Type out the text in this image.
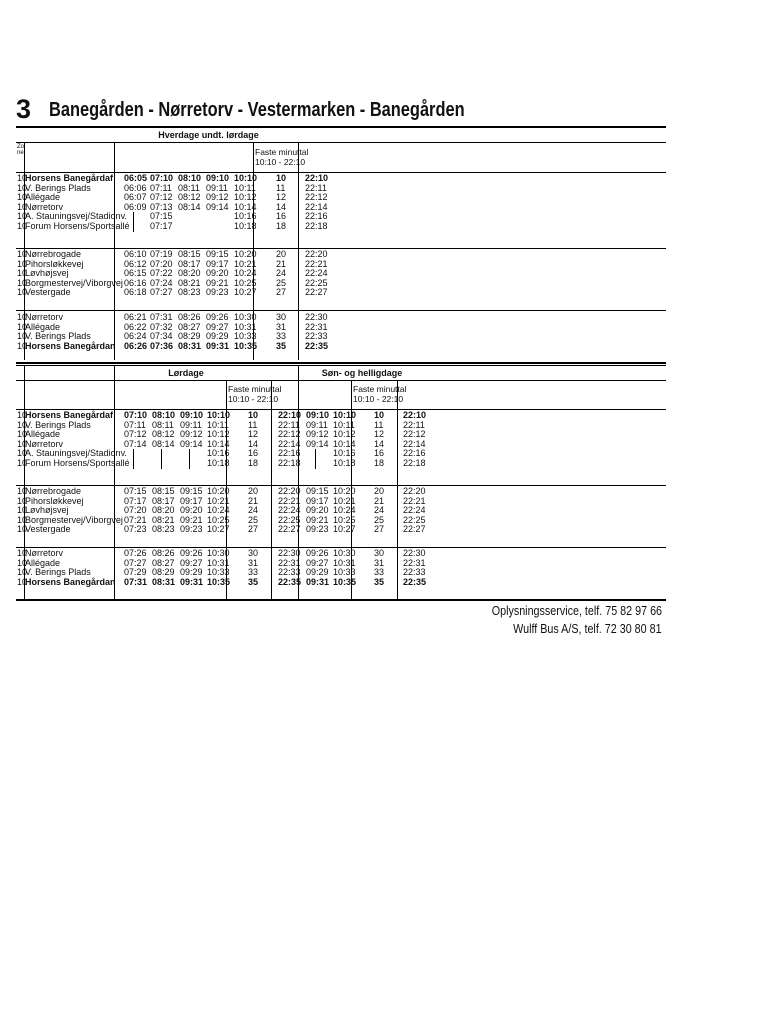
3 Banegården - Nørretorv - Vestermarken - Banegården
Hverdage undt. lørdage
Zone	Faste minuttal
10:10 - 22:10
Lørdage	Søn- og helligdage
Faste minuttal
10:10 - 22:10
Faste minuttal
10:10 - 22:10
10
Horsens Banegård af 06:05 07:10 08:10 09:10 10:10 10 22:10
10
V. Berings Plads	06:06 07:11 08:11 09:11 10:11 11 22:11
10
Allégade	06:07 07:12 08:12 09:12 10:12 12 22:12
10
Nørretorv	06:09 07:13 08:14 09:14 10:14 14 22:14
10
A. Stauningsvej/Stadionv.	07:15	10:16 16 22:16
10
Forum Horsens/Sportsallé 07:17	10:18 18 22:18
10
Nørrebrogade	06:10 07:19 08:15 09:15 10:20 20 22:20
10
Pihorsløkkevej	06:12 07:20 08:17 09:17 10:21 21 22:21
10
Løvhøjsvej	06:15 07:22 08:20 09:20 10:24 24 22:24
10
Borgmestervej/Viborgvej 06:16 07:24 08:21 09:21 10:25 25 22:25
10
Vestergade	06:18 07:27 08:23 09:23 10:27 27 22:27
10
Nørretorv	06:21 07:31 08:26 09:26 10:30 30 22:30
10
Allégade	06:22 07:32 08:27 09:27 10:31 31 22:31
10
V. Berings Plads	06:24 07:34 08:29 09:29 10:33 33 22:33
10
Horsens Banegård an 06:26 07:36 08:31 09:31 10:35 35 22:35
10
Horsens Banegård af 07:10 08:10 09:10 10:10 10 22:10 09:10 10:10 10 22:10
10
V. Berings Plads	07:11 08:11 09:11 10:11 11 22:11 09:11 10:11 11 22:11
10
Allégade	07:12 08:12 09:12 10:12 12 22:12 09:12 10:12 12 22:12
10
Nørretorv	07:14 08:14 09:14 10:14 14 22:14 09:14 10:14 14 22:14
10
A. Stauningsvej/Stadionv.	10:16 16 22:16	10:16 16 22:16
10
Forum Horsens/Sportsallé	10:18 18 22:18	10:18 18 22:18
10
Nørrebrogade	07:15 08:15 09:15 10:20 20 22:20 09:15 10:20 20 22:20
10
Pihorsløkkevej	07:17 08:17 09:17 10:21 21 22:21 09:17 10:21 21 22:21
10
Løvhøjsvej	07:20 08:20 09:20 10:24 24 22:24 09:20 10:24 24 22:24
10
Borgmestervej/Viborgvej 07:21 08:21 09:21 10:25 25 22:25 09:21 10:25 25 22:25
10
Vestergade	07:23 08:23 09:23 10:27 27 22:27 09:23 10:27 27 22:27
10
Nørretorv	07:26 08:26 09:26 10:30 30 22:30 09:26 10:30 30 22:30
10
Allégade	07:27 08:27 09:27 10:31 31 22:31 09:27 10:31 31 22:31
10
V. Berings Plads	07:29 08:29 09:29 10:33 33 22:33 09:29 10:33 33 22:33
10
Horsens Banegård an 07:31 08:31 09:31 10:35 35 22:35 09:31 10:35 35 22:35
Oplysningsservice, telf. 75 82 97 66
Wulff Bus A/S, telf. 72 30 80 81
